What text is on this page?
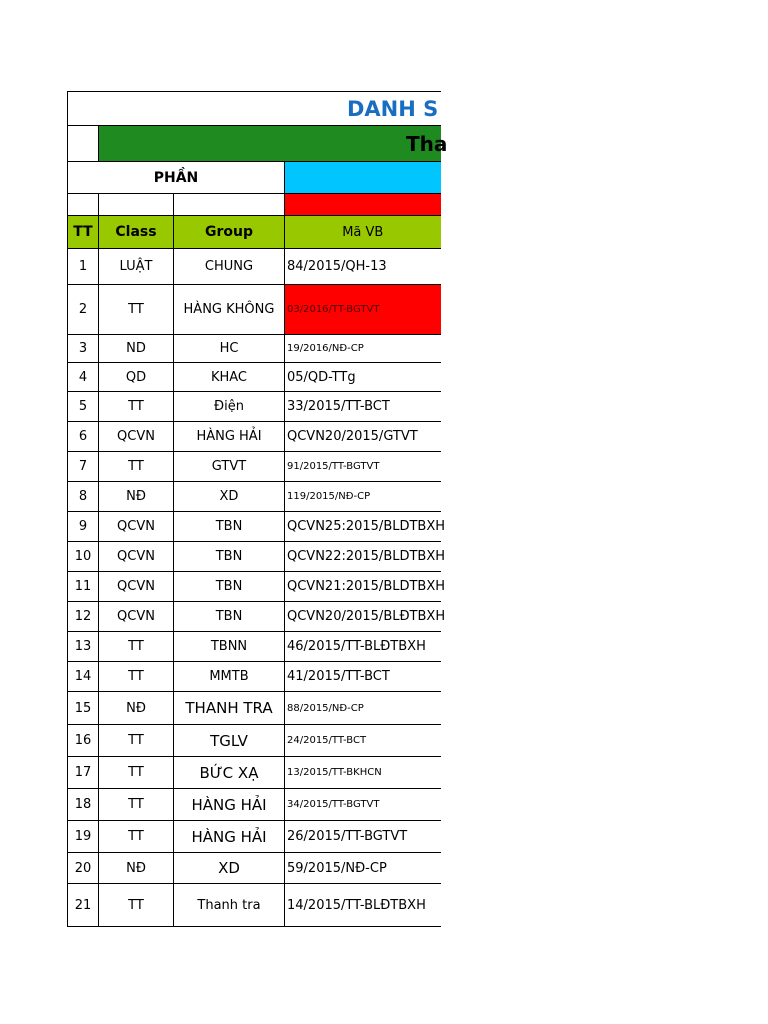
DANH S			
	Tha		
PHẦN			

TT	Class	Group	Mã VB
1	LUẬT	CHUNG	84/2015/QH-13
2	TT	HÀNG KHÔNG	03/2016/TT-BGTVT
3	ND	HC	19/2016/NĐ-CP
4	QD	KHAC	05/QD-TTg
5	TT	Điện	33/2015/TT-BCT
6	QCVN	HÀNG HẢI	QCVN20/2015/GTVT
7	TT	GTVT	91/2015/TT-BGTVT
8	NĐ	XD	119/2015/NĐ-CP
9	QCVN	TBN	QCVN25:2015/BLDTBXH
10	QCVN	TBN	QCVN22:2015/BLDTBXH
11	QCVN	TBN	QCVN21:2015/BLDTBXH
12	QCVN	TBN	QCVN20/2015/BLĐTBXH
13	TT	TBNN	46/2015/TT-BLĐTBXH
14	TT	MMTB	41/2015/TT-BCT
15	NĐ	THANH TRA	88/2015/NĐ-CP
16	TT	TGLV	24/2015/TT-BCT
17	TT	BỨC XẠ	13/2015/TT-BKHCN
18	TT	HÀNG HẢI	34/2015/TT-BGTVT
19	TT	HÀNG HẢI	26/2015/TT-BGTVT
20	NĐ	XD	59/2015/NĐ-CP
21	TT	Thanh tra	14/2015/TT-BLĐTBXH
